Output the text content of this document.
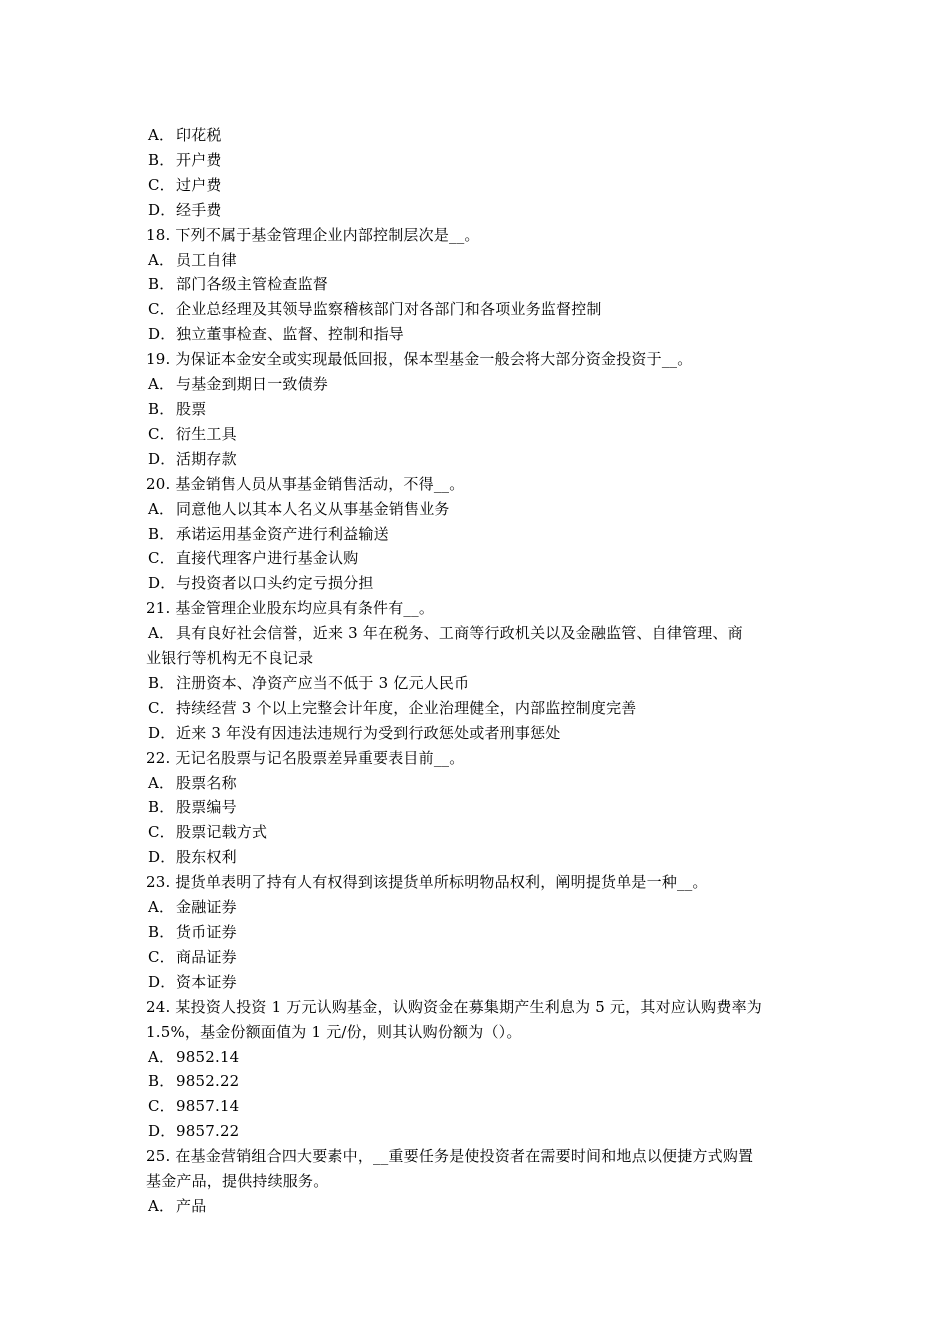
A． 印花税
B． 开户费
C．过户费
D．经手费
18. 下列不属于基金管理企业内部控制层次是__。
A． 员工自律
B． 部门各级主管检查监督
C．企业总经理及其领导监察稽核部门对各部门和各项业务监督控制
D．独立董事检查、监督、控制和指导
19. 为保证本金安全或实现最低回报，保本型基金一般会将大部分资金投资于__。
A． 与基金到期日一致债券
B． 股票
C．衍生工具
D．活期存款
20. 基金销售人员从事基金销售活动，不得__。
A． 同意他人以其本人名义从事基金销售业务
B． 承诺运用基金资产进行利益输送
C．直接代理客户进行基金认购
D．与投资者以口头约定亏损分担
21. 基金管理企业股东均应具有条件有__。
A． 具有良好社会信誉，近来 3 年在税务、工商等行政机关以及金融监管、自律管理、商
业银行等机构无不良记录
B． 注册资本、净资产应当不低于 3 亿元人民币
C．持续经营 3 个以上完整会计年度，企业治理健全，内部监控制度完善
D．近来 3 年没有因违法违规行为受到行政惩处或者刑事惩处
22. 无记名股票与记名股票差异重要表目前__。
A． 股票名称
B． 股票编号
C．股票记载方式
D．股东权利
23. 提货单表明了持有人有权得到该提货单所标明物品权利，阐明提货单是一种__。
A． 金融证券
B． 货币证券
C．商品证券
D．资本证券
24. 某投资人投资 1 万元认购基金，认购资金在募集期产生利息为 5 元，其对应认购费率为
1.5%，基金份额面值为 1 元/份，则其认购份额为（）。
A． 9852.14
B． 9852.22
C．9857.14
D．9857.22
25. 在基金营销组合四大要素中，__重要任务是使投资者在需要时间和地点以便捷方式购置
基金产品，提供持续服务。
A． 产品
